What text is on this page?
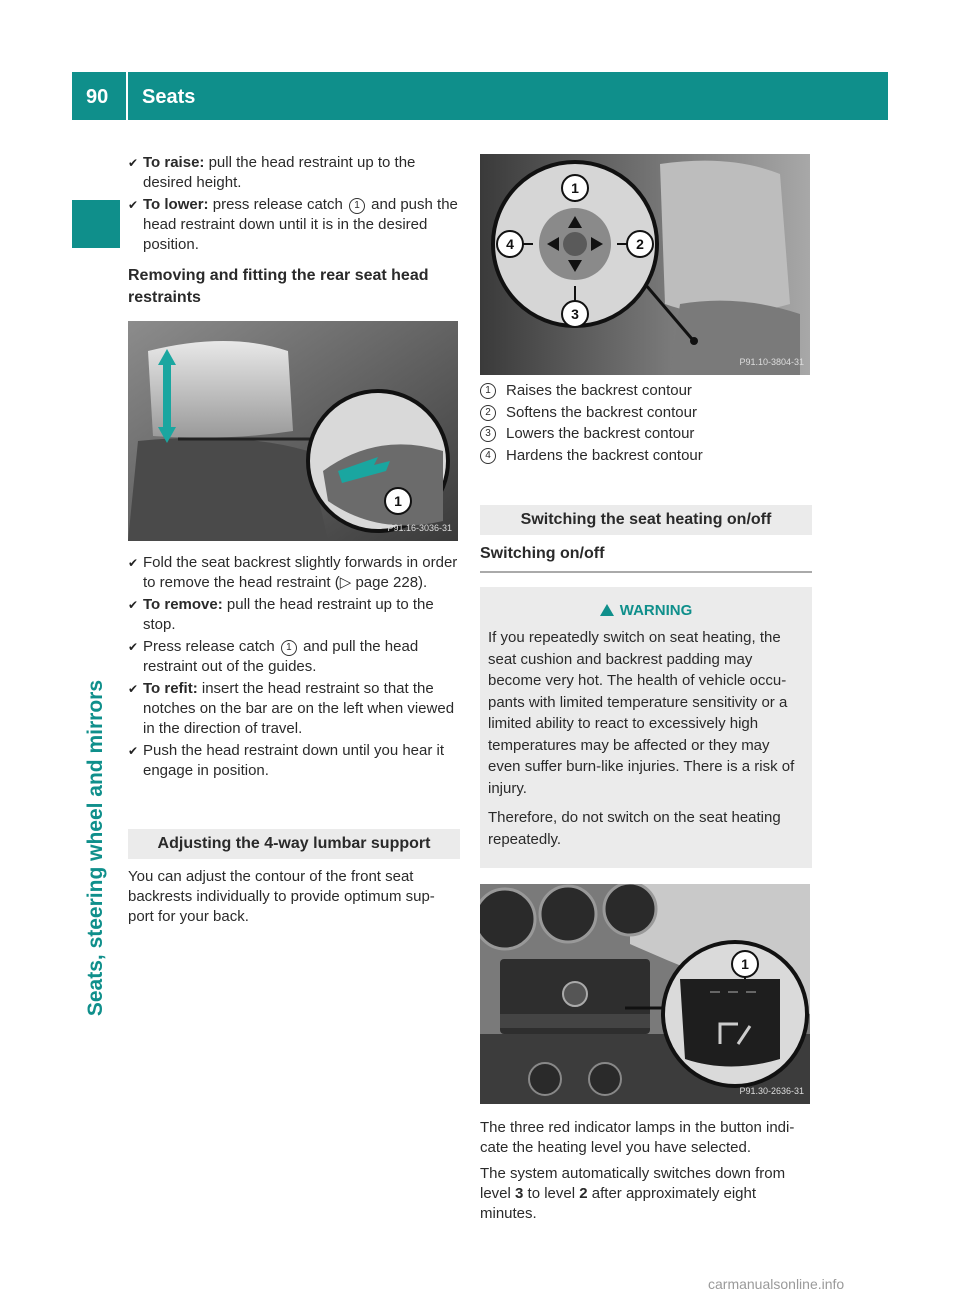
90 Seats
Seats, steering wheel and mirrors
✔︎ To raise: pull the head restraint up to the desired height.
✔︎ To lower: press release catch 1 and push the head restraint down until it is in the desired position.
Removing and fitting the rear seat head restraints
1
P91.16-3036-31
✔︎ Fold the seat backrest slightly forwards in order to remove the head restraint (▷ page 228).
✔︎ To remove: pull the head restraint up to the stop.
✔︎ Press release catch 1 and pull the head restraint out of the guides.
✔︎ To refit: insert the head restraint so that the notches on the bar are on the left when viewed in the direction of travel.
✔︎ Push the head restraint down until you hear it engage in position.
Adjusting the 4-way lumbar support

You can adjust the contour of the front seat backrests individually to provide optimum sup-port for your back.

1
2
3
4
P91.10-3804-31
1	Raises the backrest contour
2	Softens the backrest contour
3	Lowers the backrest contour
4	Hardens the backrest contour
Switching the seat heating on/off
Switching on/off
WARNING

If you repeatedly switch on seat heating, the seat cushion and backrest padding may become very hot. The health of vehicle occu-pants with limited temperature sensitivity or a limited ability to react to excessively high temperatures may be affected or they may even suffer burn-like injuries. There is a risk of injury.

Therefore, do not switch on the seat heating repeatedly.

1
P91.30-2636-31

The three red indicator lamps in the button indi-cate the heating level you have selected.

The system automatically switches down from level 3 to level 2 after approximately eight minutes.

carmanualsonline.info
